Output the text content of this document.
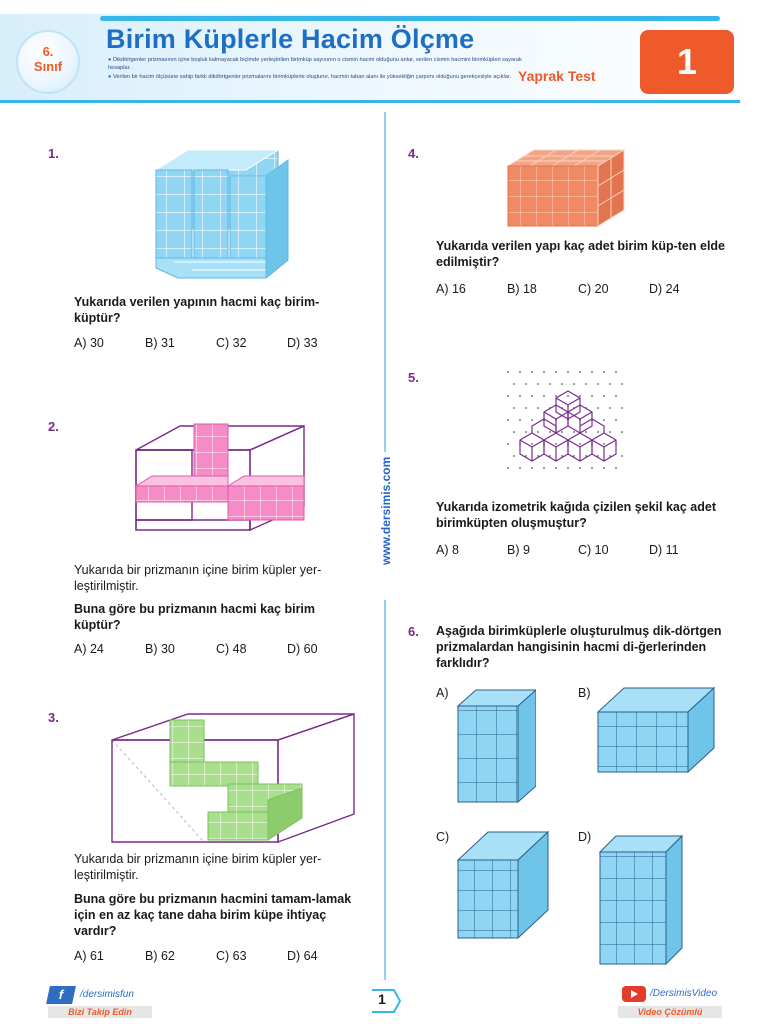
6.
Sınıf
Birim Küplerle Hacim Ölçme
● Dikdörtgenler prizmasının içine boşluk kalmayacak biçimde yerleştirilen birimküp sayısının o cismin hacmi olduğunu anlar, verilen cismin hacmini birimküpleri sayarak hesaplar.
● Verilen bir hacim ölçüsüne sahip farklı dikdörtgenler prizmalarını birimküplerle oluşturur, hacmin taban alanı ile yüksekliğin çarpımı olduğunu gerekçesiyle açıklar. Yaprak Test	1
www.dersimis.com
1.
Yukarıda verilen yapının hacmi kaç birim-küptür?
A) 30	B) 31	C) 32	D) 33
2.
Yukarıda bir prizmanın içine birim küpler yer-leştirilmiştir.
Buna göre bu prizmanın hacmi kaç birim küptür?
A) 24	B) 30	C) 48	D) 60
3.
Yukarıda bir prizmanın içine birim küpler yer-leştirilmiştir.
Buna göre bu prizmanın hacmini tamam-lamak için en az kaç tane daha birim küpe ihtiyaç vardır?
A) 61	B) 62	C) 63	D) 64
4.
Yukarıda verilen yapı kaç adet birim küp-ten elde edilmiştir?
A) 16	B) 18	C) 20	D) 24
5.
Yukarıda izometrik kağıda çizilen şekil kaç adet birimküpten oluşmuştur?
A) 8	B) 9	C) 10	D) 11
6. Aşağıda birimküplerle oluşturulmuş dik-dörtgen prizmalardan hangisinin hacmi di-ğerlerinden farklıdır?
A)	B)
C)	D)
f	/dersimisfun
Bizi Takip Edin
1	/DersimisVideo
Video Çözümlü
